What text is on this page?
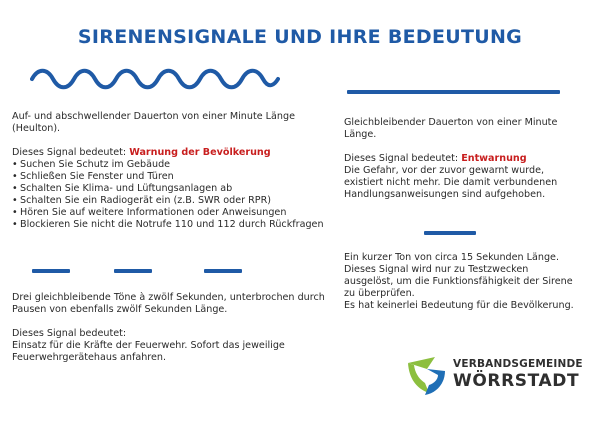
SIRENENSIGNALE UND IHRE BEDEUTUNG

Auf- und abschwellender Dauerton von einer Minute Länge (Heulton).

Dieses Signal bedeutet: Warnung der Bevölkerung

• Suchen Sie Schutz im Gebäude
• Schließen Sie Fenster und Türen
• Schalten Sie Klima- und Lüftungsanlagen ab
• Schalten Sie ein Radiogerät ein (z.B. SWR oder RPR)
• Hören Sie auf weitere Informationen oder Anweisungen
• Blockieren Sie nicht die Notrufe 110 und 112 durch Rückfragen

Gleichbleibender Dauerton von einer Minute Länge.

Dieses Signal bedeutet: Entwarnung

Die Gefahr, vor der zuvor gewarnt wurde, existiert nicht mehr. Die damit verbundenen Handlungsanweisungen sind aufgehoben.

Drei gleichbleibende Töne à zwölf Sekunden, unterbrochen durch Pausen von ebenfalls zwölf Sekunden Länge.

Dieses Signal bedeutet:

Einsatz für die Kräfte der Feuerwehr. Sofort das jeweilige Feuerwehrgerätehaus anfahren.

Ein kurzer Ton von circa 15 Sekunden Länge. Dieses Signal wird nur zu Testzwecken ausgelöst, um die Funktionsfähigkeit der Sirene zu überprüfen.

Es hat keinerlei Bedeutung für die Bevölkerung.

VERBANDSGEMEINDE
WÖRRSTADT
